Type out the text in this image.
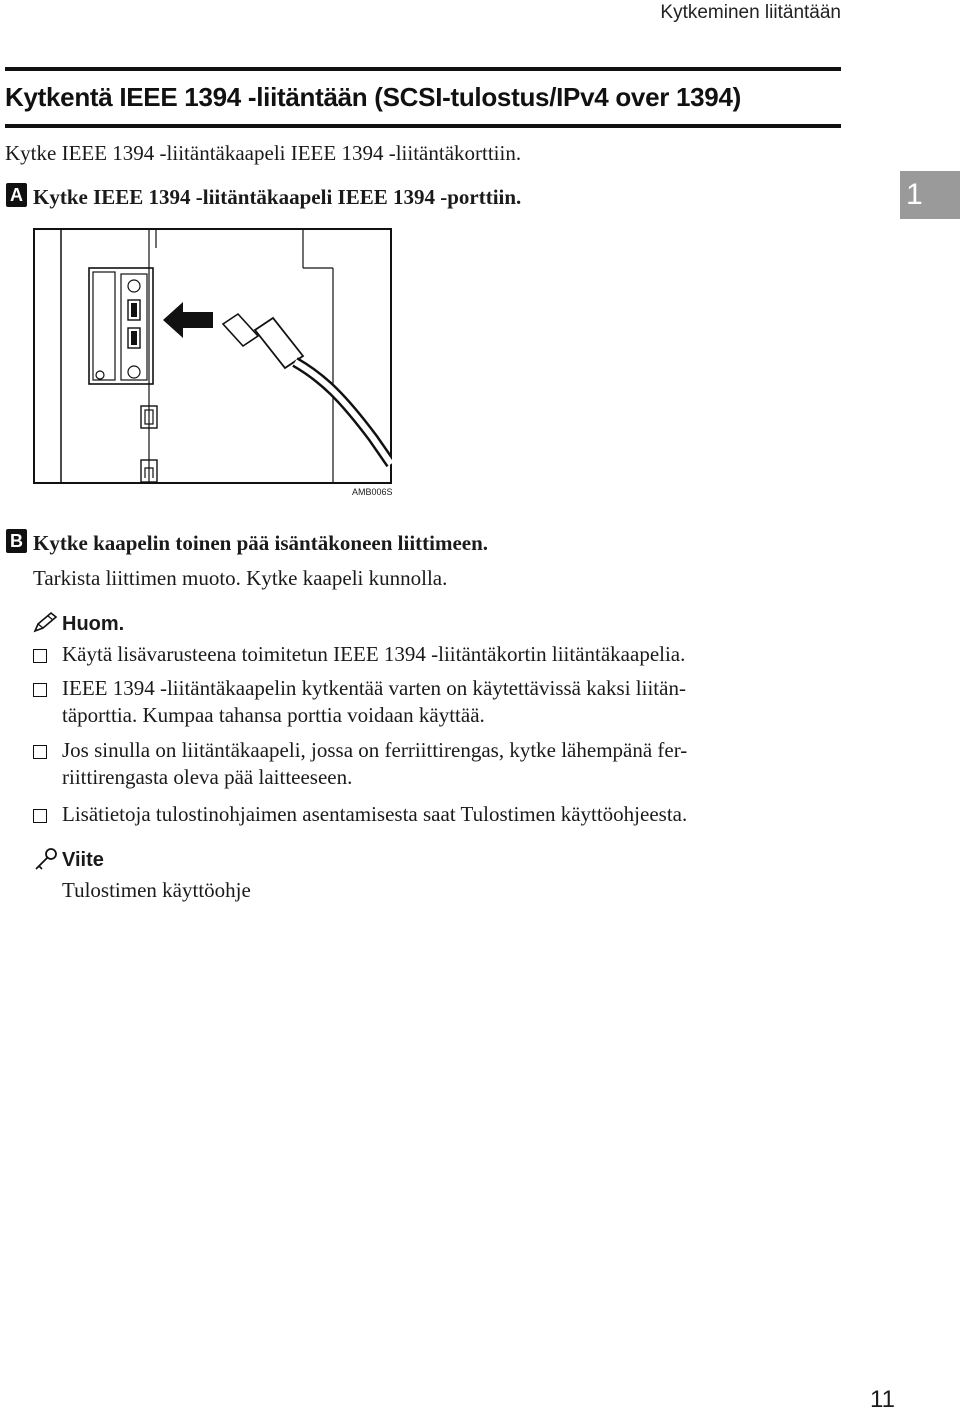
Kytkeminen liitäntään
Kytkentä IEEE 1394 -liitäntään (SCSI-tulostus/IPv4 over 1394)
Kytke IEEE 1394 -liitäntäkaapeli IEEE 1394 -liitäntäkorttiin.
1
A Kytke IEEE 1394 -liitäntäkaapeli IEEE 1394 -porttiin.
AMB006S
B Kytke kaapelin toinen pää isäntäkoneen liittimeen.
Tarkista liittimen muoto. Kytke kaapeli kunnolla.
Huom.
Käytä lisävarusteena toimitetun IEEE 1394 -liitäntäkortin liitäntäkaapelia.
IEEE 1394 -liitäntäkaapelin kytkentää varten on käytettävissä kaksi liitän-
täporttia. Kumpaa tahansa porttia voidaan käyttää.
Jos sinulla on liitäntäkaapeli, jossa on ferriittirengas, kytke lähempänä fer-
riittirengasta oleva pää laitteeseen.
Lisätietoja tulostinohjaimen asentamisesta saat Tulostimen käyttöohjeesta.
Viite
Tulostimen käyttöohje
11
